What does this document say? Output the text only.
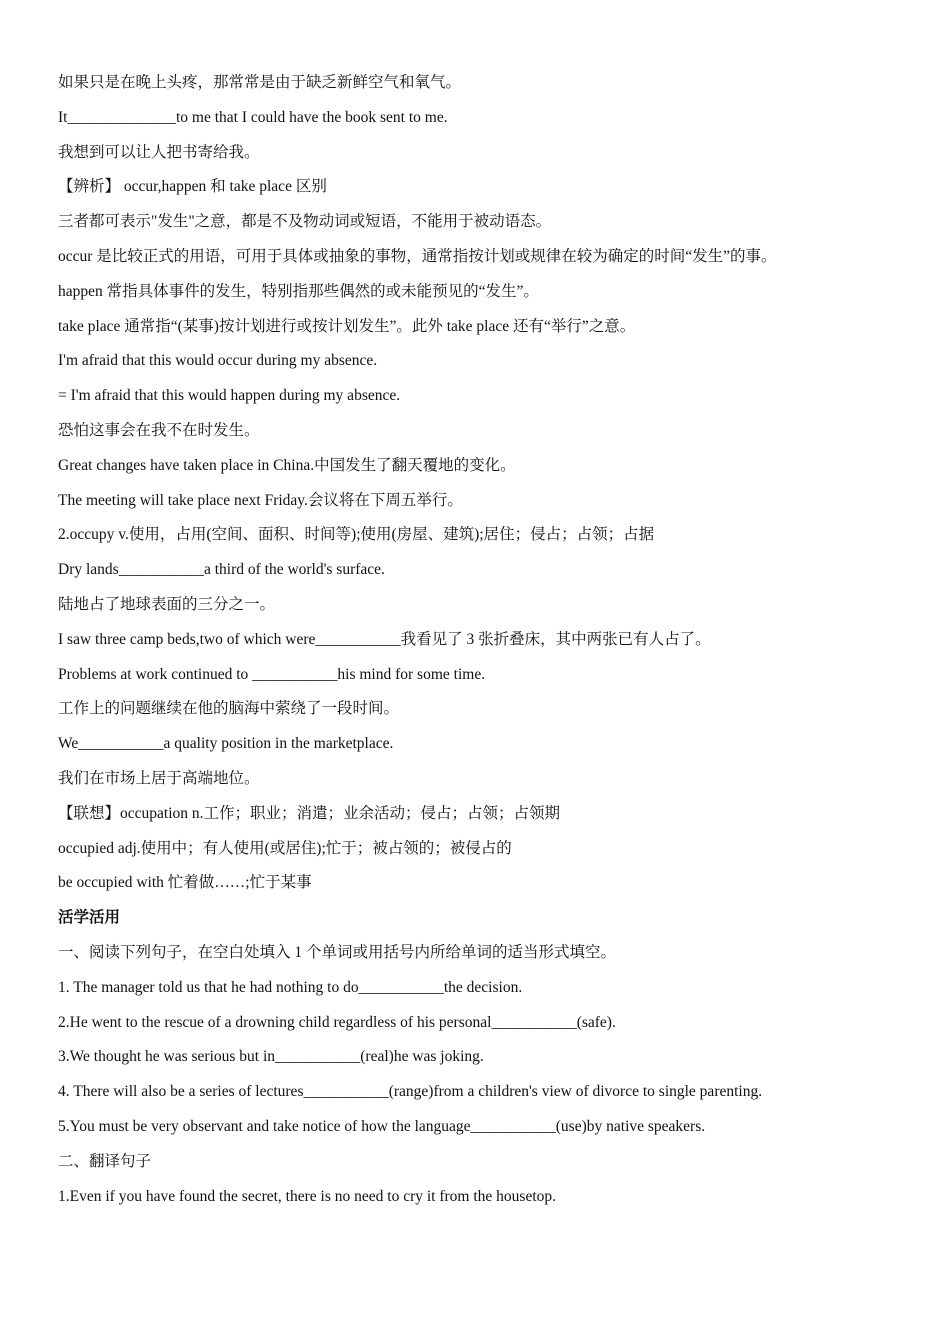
如果只是在晚上头疼，那常常是由于缺乏新鲜空气和氧气。

It______________to me that I could have the book sent to me.

我想到可以让人把书寄给我。

【辨析】 occur,happen 和 take place 区别

三者都可表示"发生"之意，都是不及物动词或短语，不能用于被动语态。

occur 是比较正式的用语，可用于具体或抽象的事物，通常指按计划或规律在较为确定的时间“发生”的事。

happen 常指具体事件的发生，特别指那些偶然的或未能预见的“发生”。

take place 通常指“(某事)按计划进行或按计划发生”。此外 take place 还有“举行”之意。

I'm afraid that this would occur during my absence.

= I'm afraid that this would happen during my absence.

恐怕这事会在我不在时发生。

Great changes have taken place in China.中国发生了翻天覆地的变化。

The meeting will take place next Friday.会议将在下周五举行。

2.occupy v.使用，占用(空间、面积、时间等);使用(房屋、建筑);居住；侵占；占领；占据

Dry lands___________a third of the world's surface.

陆地占了地球表面的三分之一。

I saw three camp beds,two of which were___________我看见了 3 张折叠床，其中两张已有人占了。

Problems at work continued to ___________his mind for some time.

工作上的问题继续在他的脑海中萦绕了一段时间。

We___________a quality position in the marketplace.

我们在市场上居于高端地位。

【联想】occupation n.工作；职业；消遣；业余活动；侵占；占领；占领期

occupied adj.使用中；有人使用(或居住);忙于；被占领的；被侵占的

be occupied with 忙着做……;忙于某事

活学活用

一、阅读下列句子，在空白处填入 1 个单词或用括号内所给单词的适当形式填空。

1. The manager told us that he had nothing to do___________the decision.

2.He went to the rescue of a drowning child regardless of his personal___________(safe).

3.We thought he was serious but in___________(real)he was joking.

4. There will also be a series of lectures___________(range)from a children's view of divorce to single parenting.

5.You must be very observant and take notice of how the language___________(use)by native speakers.

二、翻译句子

1.Even if you have found the secret, there is no need to cry it from the housetop.
